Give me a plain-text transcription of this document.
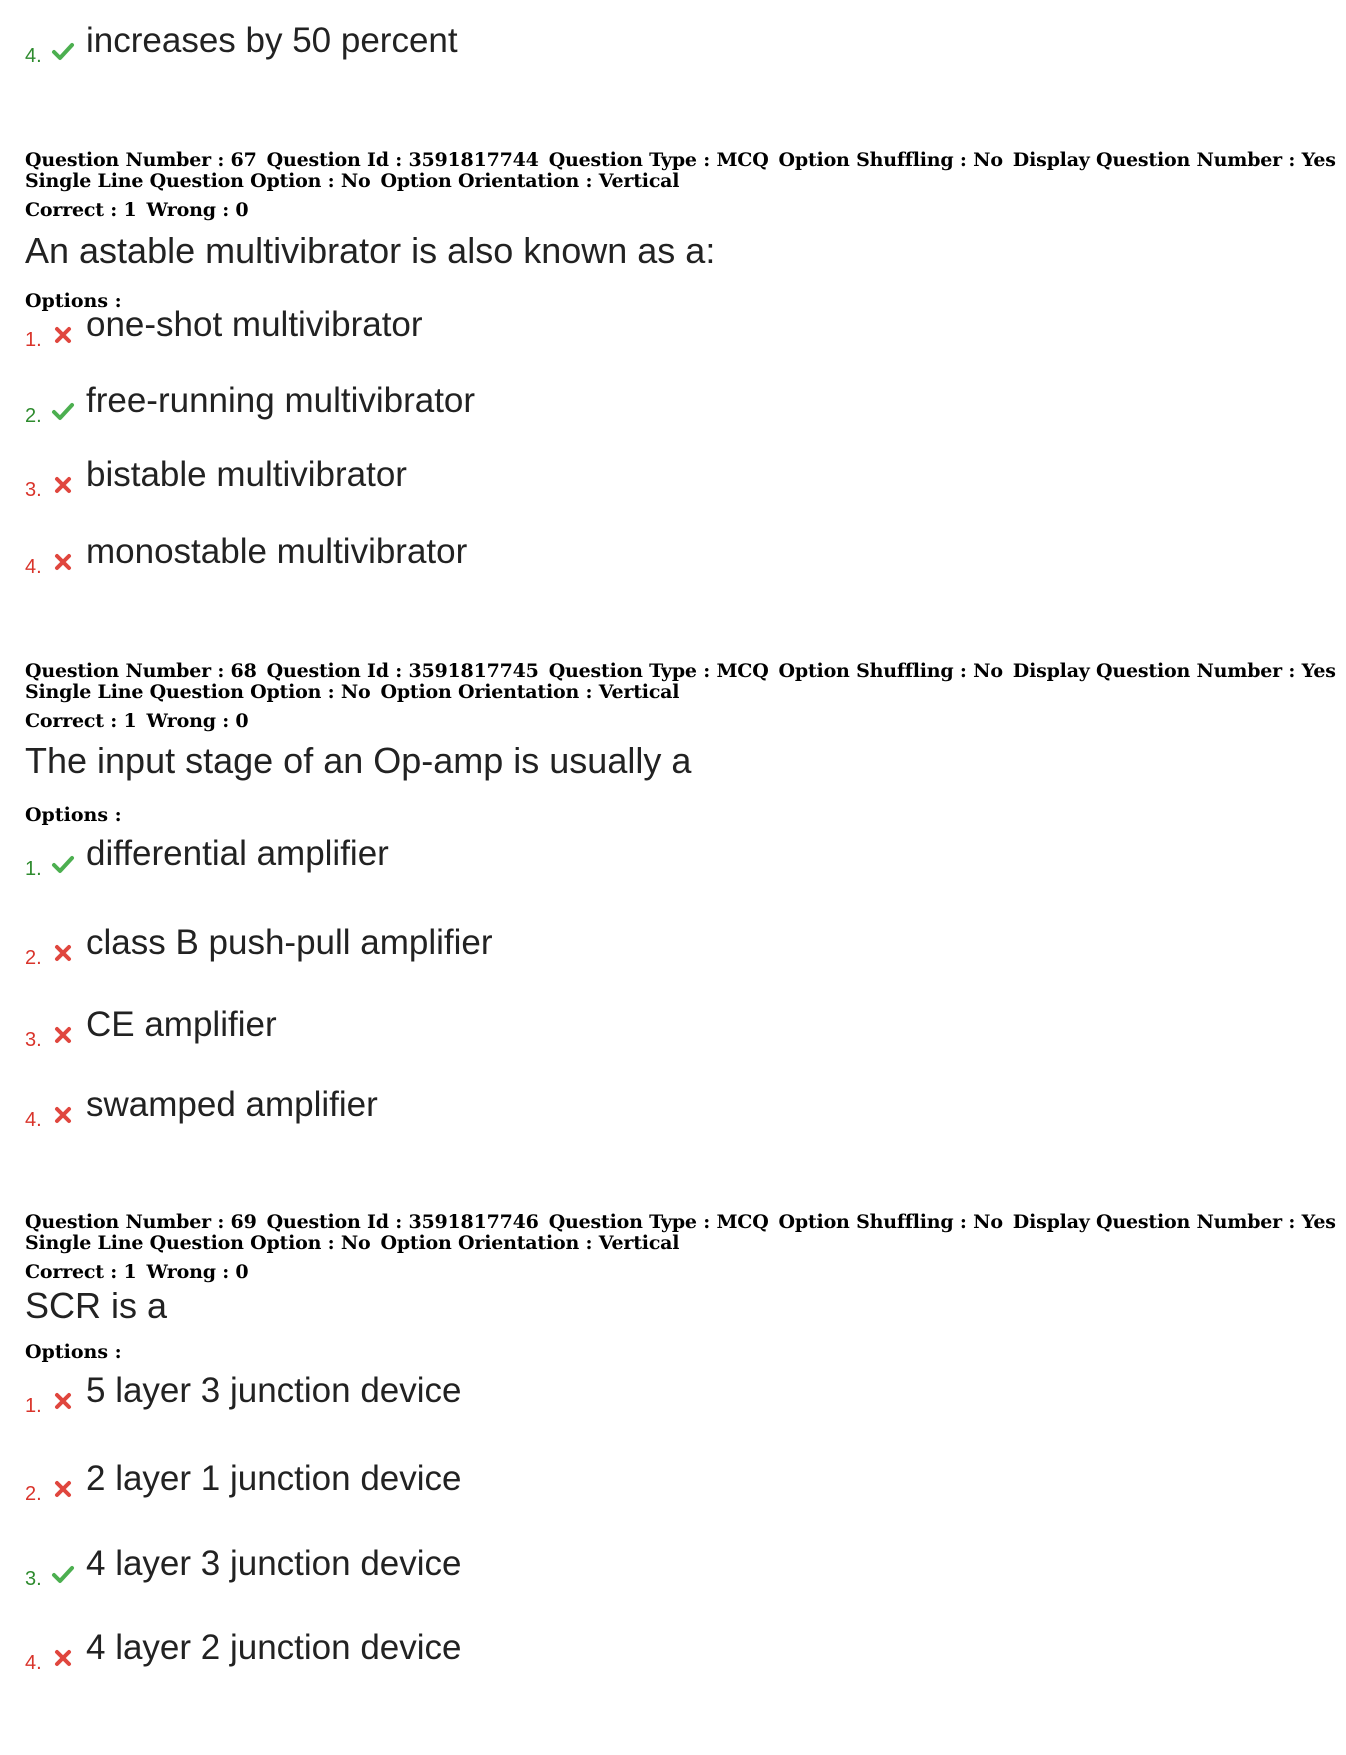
4. increases by 50 percent
Question Number : 67 Question Id : 3591817744 Question Type : MCQ Option Shuffling : No Display Question Number : Yes
Single Line Question Option : No Option Orientation : Vertical
Correct : 1 Wrong : 0
An astable multivibrator is also known as a:
Options :
1. one-shot multivibrator
2. free-running multivibrator
3. bistable multivibrator
4. monostable multivibrator
Question Number : 68 Question Id : 3591817745 Question Type : MCQ Option Shuffling : No Display Question Number : Yes
Single Line Question Option : No Option Orientation : Vertical
Correct : 1 Wrong : 0
The input stage of an Op-amp is usually a
Options :
1. differential amplifier
2. class B push-pull amplifier
3. CE amplifier
4. swamped amplifier
Question Number : 69 Question Id : 3591817746 Question Type : MCQ Option Shuffling : No Display Question Number : Yes
Single Line Question Option : No Option Orientation : Vertical
Correct : 1 Wrong : 0
SCR is a
Options :
1. 5 layer 3 junction device
2. 2 layer 1 junction device
3. 4 layer 3 junction device
4. 4 layer 2 junction device
